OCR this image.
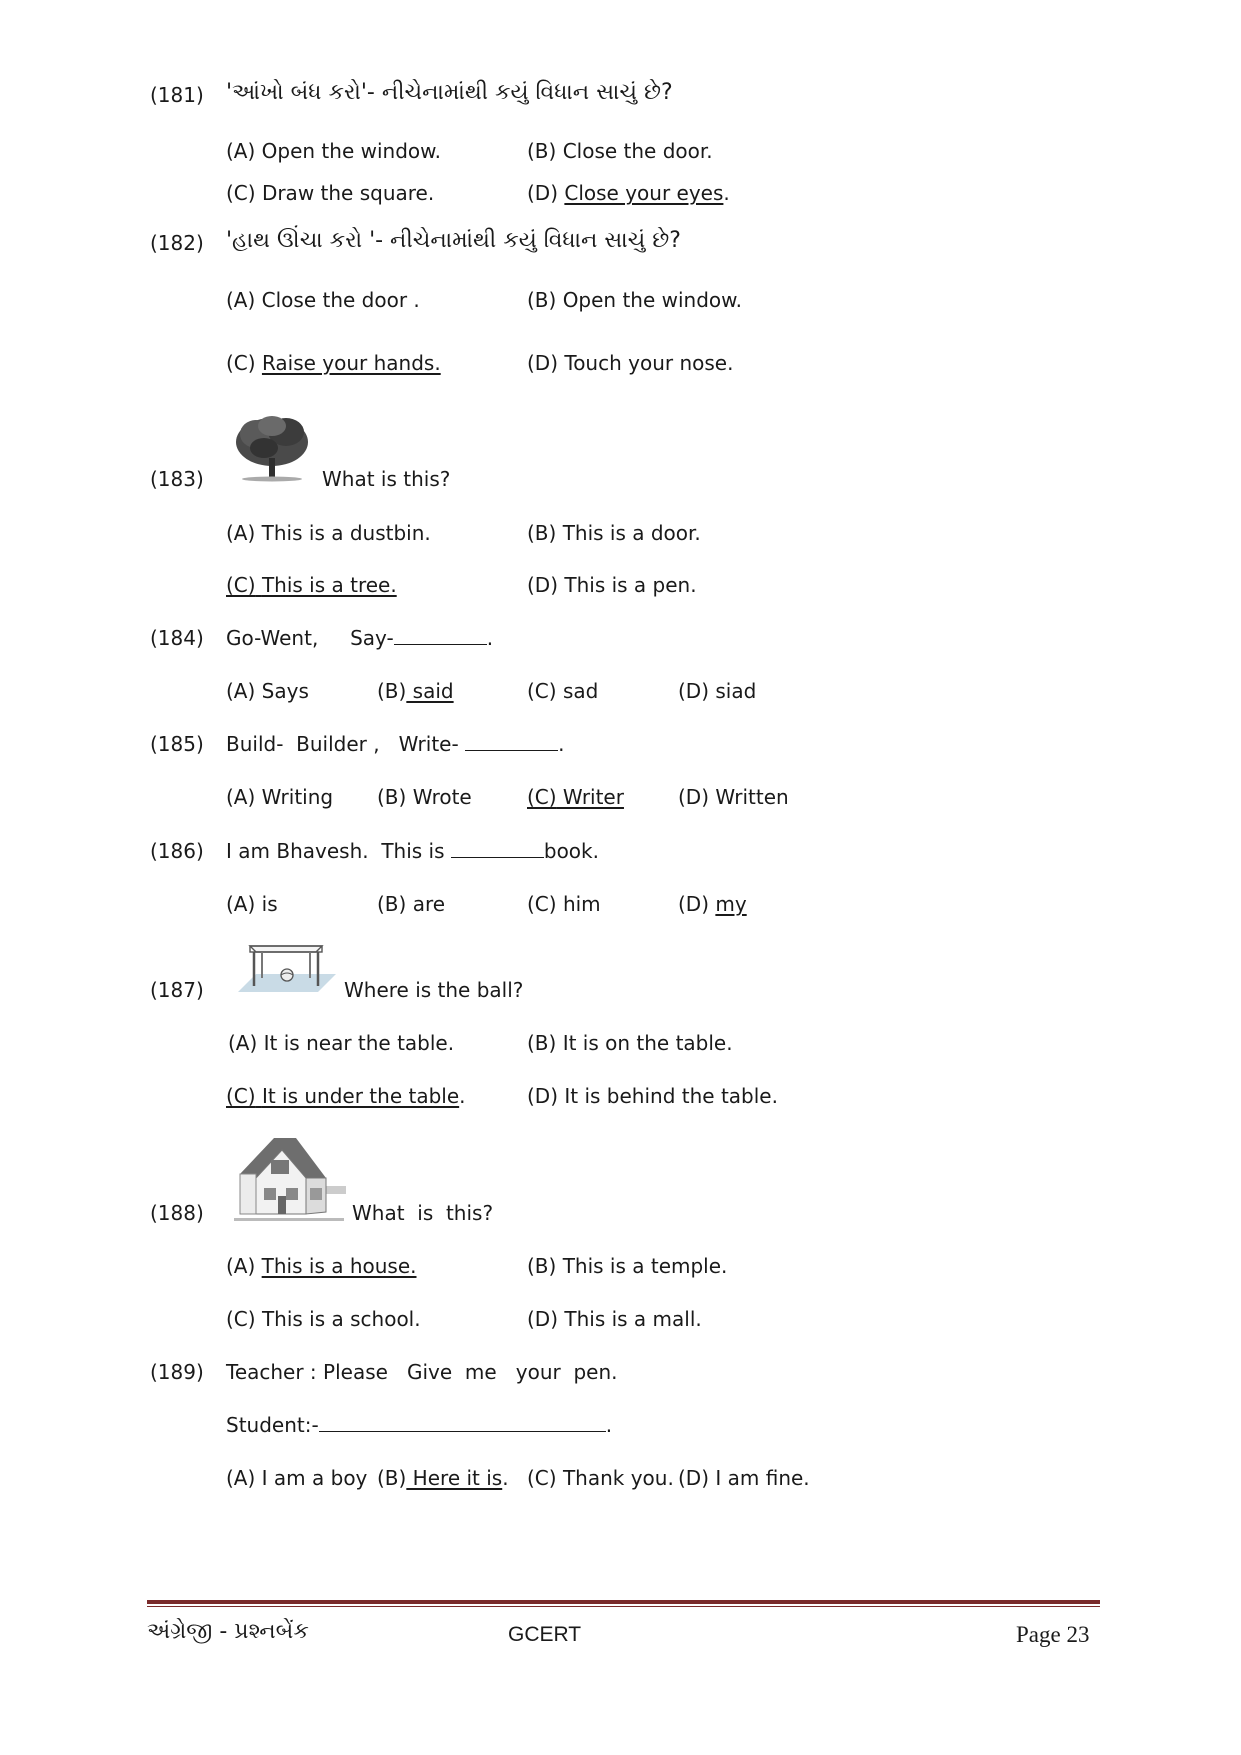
(181) 'આંખો બંધ કરો'- નીચેનામાંથી કયું વિધાન સાચું છે?
(A) Open the window.	(B) Close the door.
(C) Draw the square.	(D) Close your eyes.
(182) 'હાથ ઊંચા કરો '- નીચેનામાંથી કયું વિધાન સાચું છે?
(A) Close the door .	(B) Open the window.
(C) Raise your hands.	(D) Touch your nose.
(183)	What is this?
(A) This is a dustbin.	(B) This is a door.
(C) This is a tree.	(D) This is a pen.
(184) Go-Went, Say-	.
(A) Says	(B) said	(C) sad	(D) siad
(185) Build-  Builder , Write-	.
(A) Writing (B) Wrote	(C) Writer	(D) Written
(186) I am Bhavesh.  This is	book.
(A) is	(B) are	(C) him	(D) my
(187)	Where is the ball?
(A) It is near the table.	(B) It is on the table.
(C) It is under the table.	(D) It is behind the table.
(188)	What  is  this?
(A) This is a house.	(B) This is a temple.
(C) This is a school.	(D) This is a mall.
(189) Teacher : Please   Give  me   your  pen.
Student:-	.
(A) I am a boy (B) Here it is. (C) Thank you. (D) I am fine.
અંગ્રેજી - પ્રશ્નબેંક	GCERT	Page 23
